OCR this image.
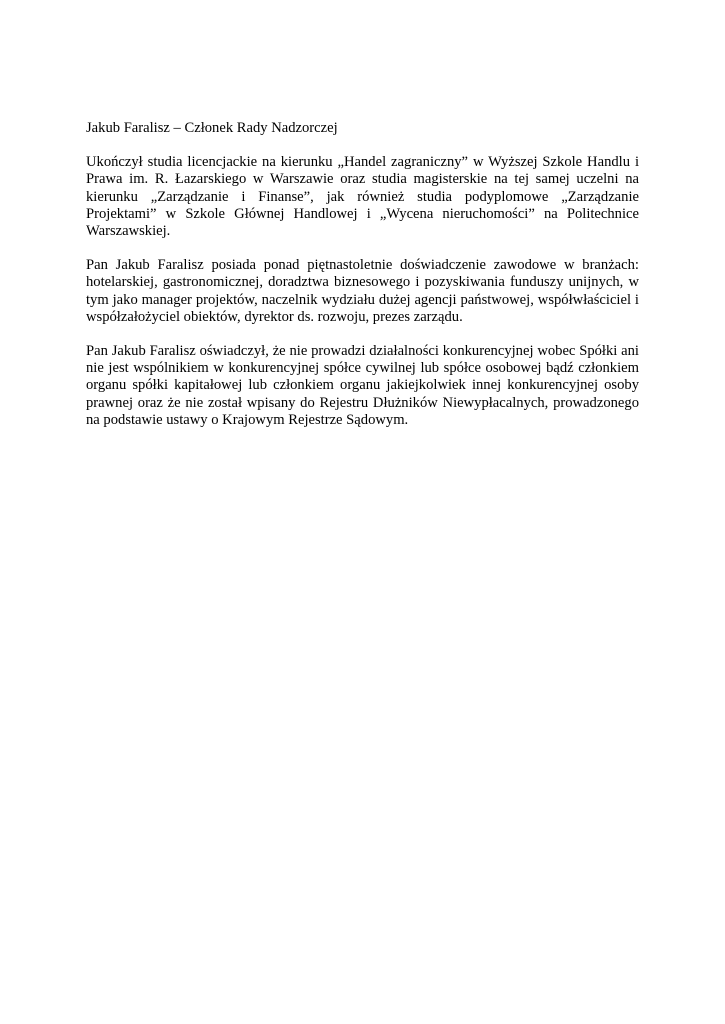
Jakub Faralisz – Członek Rady Nadzorczej

Ukończył studia licencjackie na kierunku „Handel zagraniczny” w Wyższej Szkole Handlu i Prawa im. R. Łazarskiego w Warszawie oraz studia magisterskie na tej samej uczelni na kierunku „Zarządzanie i Finanse”, jak również studia podyplomowe „Zarządzanie Projektami” w Szkole Głównej Handlowej i „Wycena nieruchomości” na Politechnice Warszawskiej.

Pan Jakub Faralisz posiada ponad piętnastoletnie doświadczenie zawodowe w branżach: hotelarskiej, gastronomicznej, doradztwa biznesowego i pozyskiwania funduszy unijnych, w tym jako manager projektów, naczelnik wydziału dużej agencji państwowej, współwłaściciel i współzałożyciel obiektów, dyrektor ds. rozwoju, prezes zarządu.

Pan Jakub Faralisz oświadczył, że nie prowadzi działalności konkurencyjnej wobec Spółki ani nie jest wspólnikiem w konkurencyjnej spółce cywilnej lub spółce osobowej bądź członkiem organu spółki kapitałowej lub członkiem organu jakiejkolwiek innej konkurencyjnej osoby prawnej oraz że nie został wpisany do Rejestru Dłużników Niewypłacalnych, prowadzonego na podstawie ustawy o Krajowym Rejestrze Sądowym.
